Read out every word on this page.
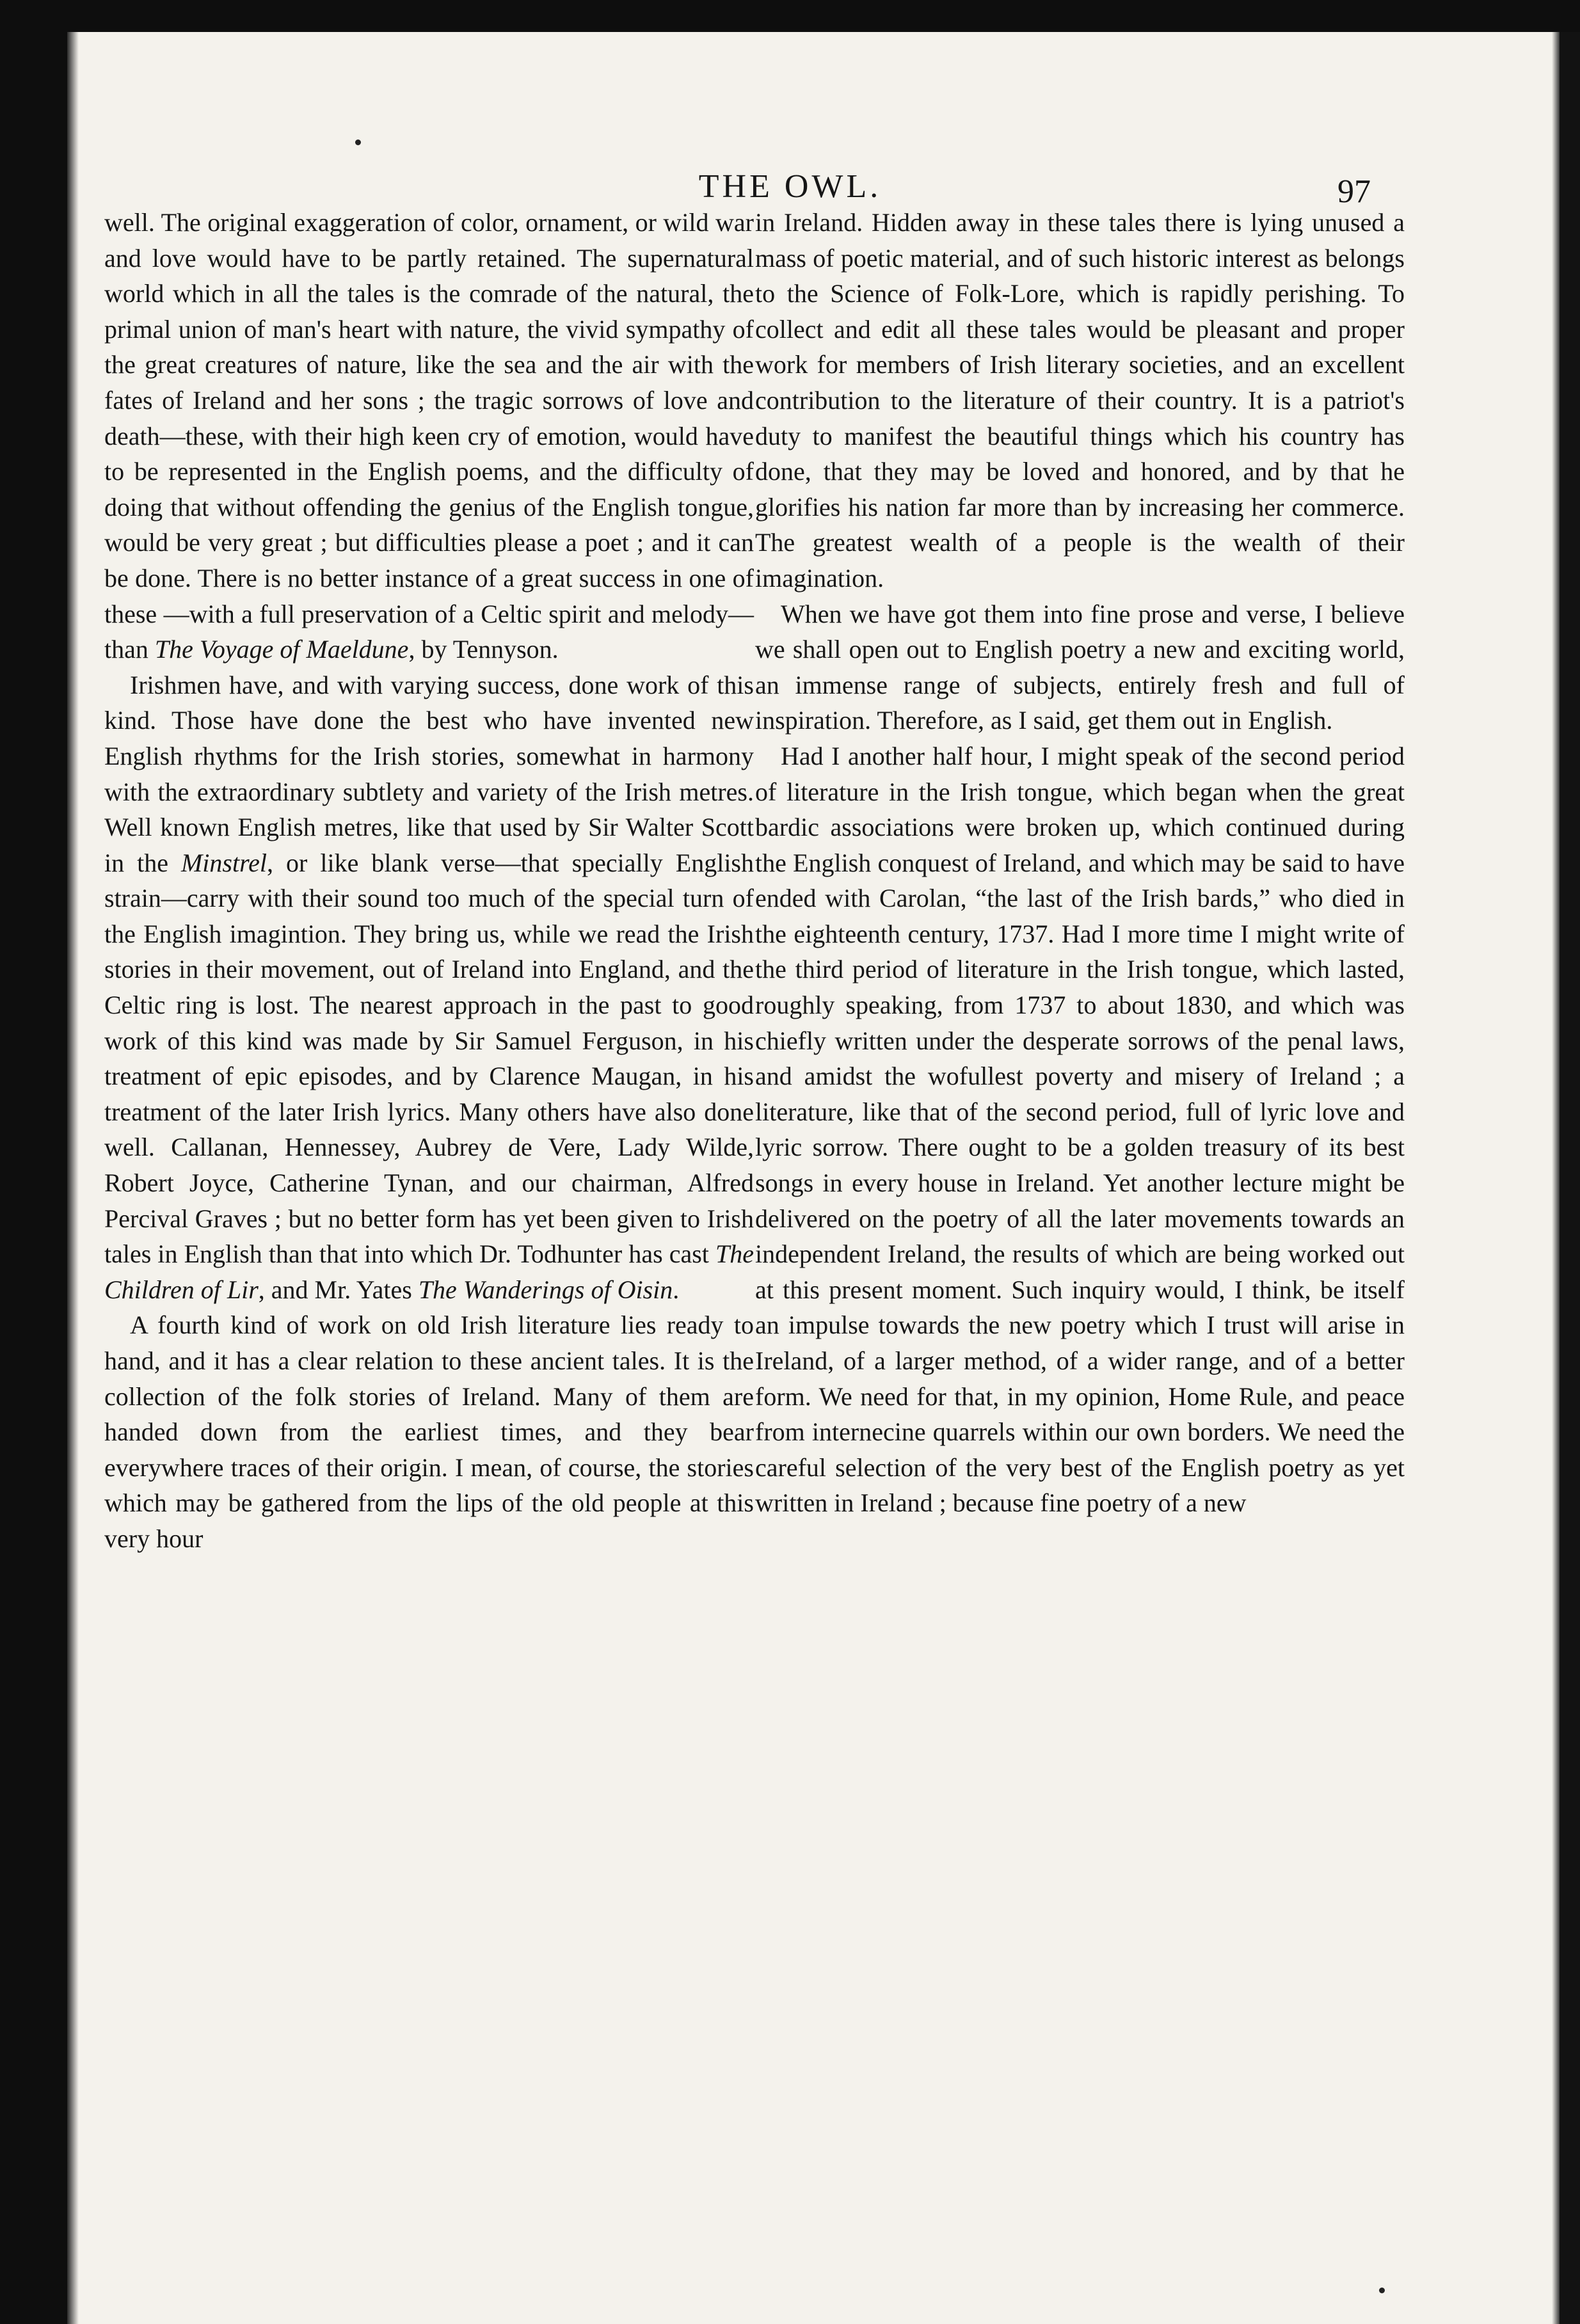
THE OWL.	97

well. The original exaggeration of color, ornament, or wild war and love would have to be partly retained. The supernatural world which in all the tales is the comrade of the natural, the primal union of man's heart with nature, the vivid sympathy of the great creatures of nature, like the sea and the air with the fates of Ireland and her sons ; the tragic sorrows of love and death—these, with their high keen cry of emotion, would have to be represented in the English poems, and the difficulty of doing that without offending the genius of the English tongue, would be very great ; but difficulties please a poet ; and it can be done. There is no better instance of a great success in one of these —with a full preservation of a Celtic spirit and melody—than The Voyage of Maeldune, by Tennyson.

Irishmen have, and with varying success, done work of this kind. Those have done the best who have invented new English rhythms for the Irish stories, somewhat in harmony with the extraordinary subtlety and variety of the Irish metres. Well known English metres, like that used by Sir Walter Scott in the Minstrel, or like blank verse—that specially English strain—carry with their sound too much of the special turn of the English imagintion. They bring us, while we read the Irish stories in their movement, out of Ireland into England, and the Celtic ring is lost. The nearest approach in the past to good work of this kind was made by Sir Samuel Ferguson, in his treatment of epic episodes, and by Clarence Maugan, in his treatment of the later Irish lyrics. Many others have also done well. Callanan, Hennessey, Aubrey de Vere, Lady Wilde, Robert Joyce, Catherine Tynan, and our chairman, Alfred Percival Graves ; but no better form has yet been given to Irish tales in English than that into which Dr. Todhunter has cast The Children of Lir, and Mr. Yates The Wanderings of Oisin.

A fourth kind of work on old Irish literature lies ready to hand, and it has a clear relation to these ancient tales. It is the collection of the folk stories of Ireland. Many of them are handed down from the earliest times, and they bear everywhere traces of their origin. I mean, of course, the stories which may be gathered from the lips of the old people at this very hour

in Ireland. Hidden away in these tales there is lying unused a mass of poetic material, and of such historic interest as belongs to the Science of Folk-Lore, which is rapidly perishing. To collect and edit all these tales would be pleasant and proper work for members of Irish literary societies, and an excellent contribution to the literature of their country. It is a patriot's duty to manifest the beautiful things which his country has done, that they may be loved and honored, and by that he glorifies his nation far more than by increasing her commerce. The greatest wealth of a people is the wealth of their imagination.

When we have got them into fine prose and verse, I believe we shall open out to English poetry a new and exciting world, an immense range of subjects, entirely fresh and full of inspiration. Therefore, as I said, get them out in English.

Had I another half hour, I might speak of the second period of literature in the Irish tongue, which began when the great bardic associations were broken up, which continued during the English conquest of Ireland, and which may be said to have ended with Carolan, “the last of the Irish bards,” who died in the eighteenth century, 1737. Had I more time I might write of the third period of literature in the Irish tongue, which lasted, roughly speaking, from 1737 to about 1830, and which was chiefly written under the desperate sorrows of the penal laws, and amidst the wofullest poverty and misery of Ireland ; a literature, like that of the second period, full of lyric love and lyric sorrow. There ought to be a golden treasury of its best songs in every house in Ireland. Yet another lecture might be delivered on the poetry of all the later movements towards an independent Ireland, the results of which are being worked out at this present moment. Such inquiry would, I think, be itself an impulse towards the new poetry which I trust will arise in Ireland, of a larger method, of a wider range, and of a better form. We need for that, in my opinion, Home Rule, and peace from internecine quarrels within our own borders. We need the careful selection of the very best of the English poetry as yet written in Ireland ; because fine poetry of a new
